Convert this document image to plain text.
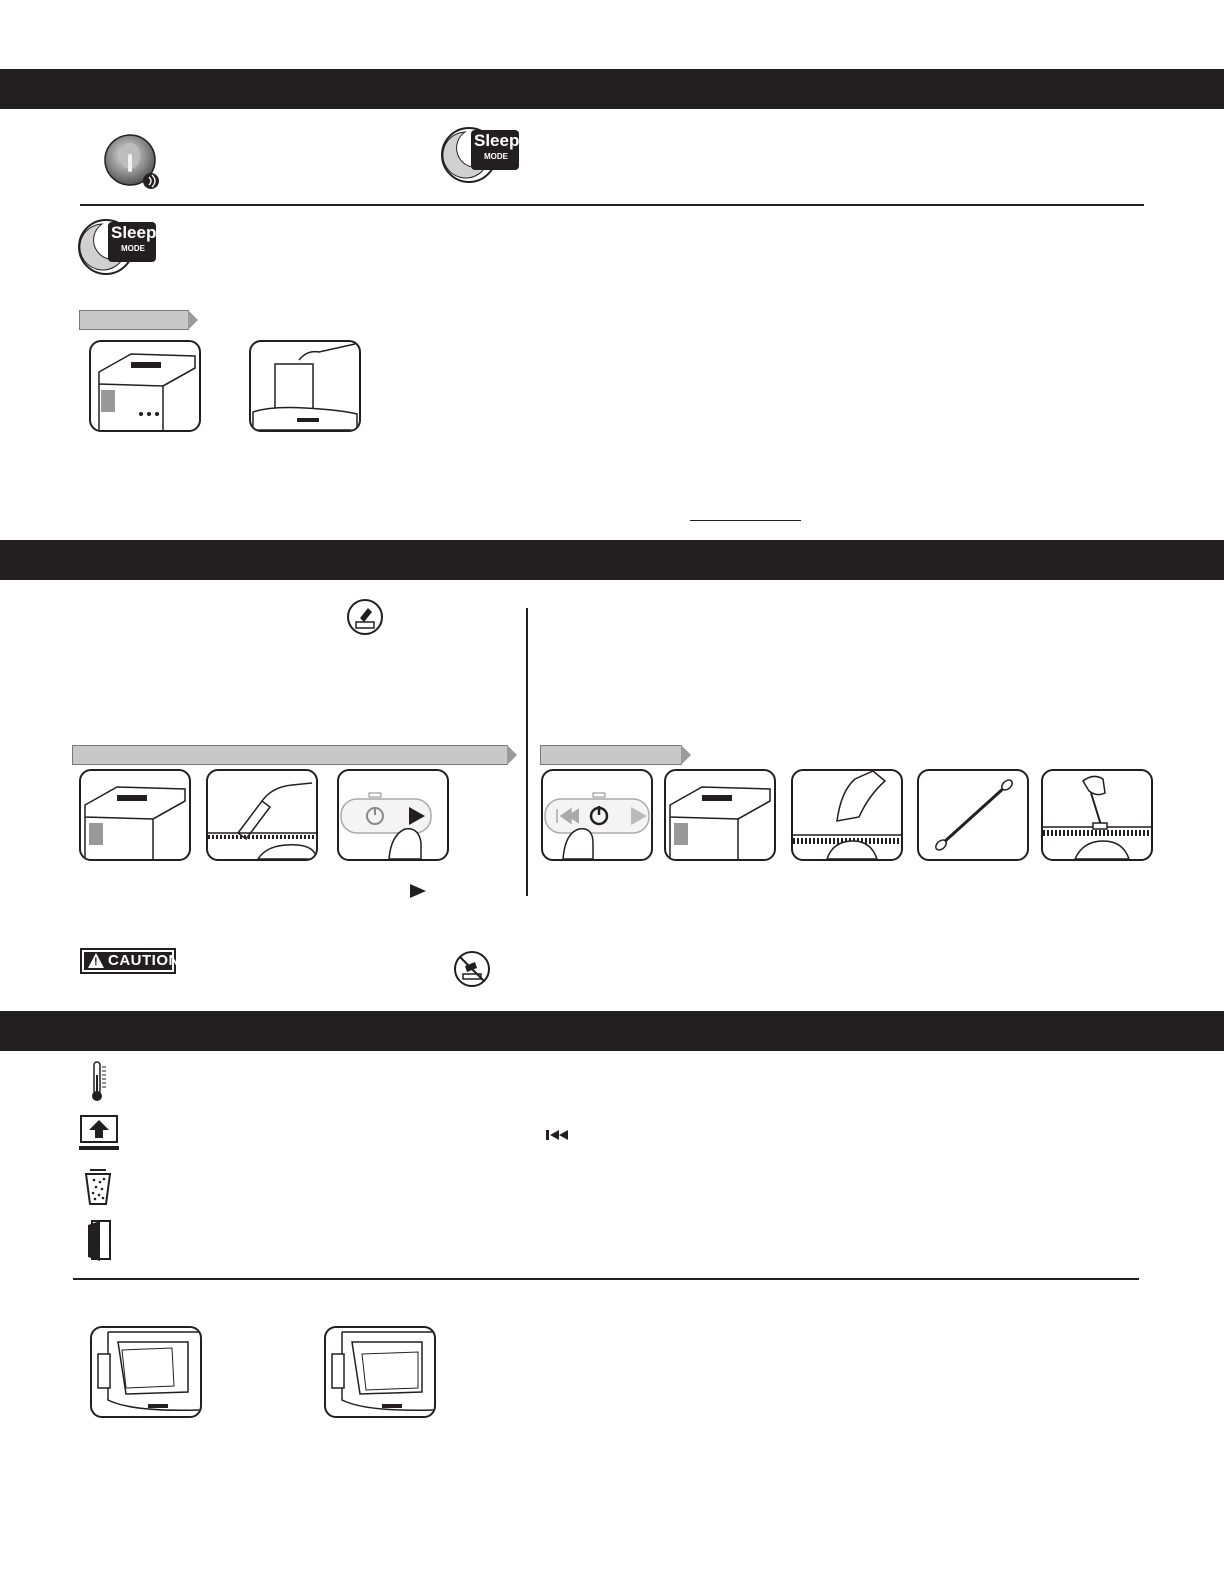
Sleep
MODE
Sleep
MODE
! CAUTION
